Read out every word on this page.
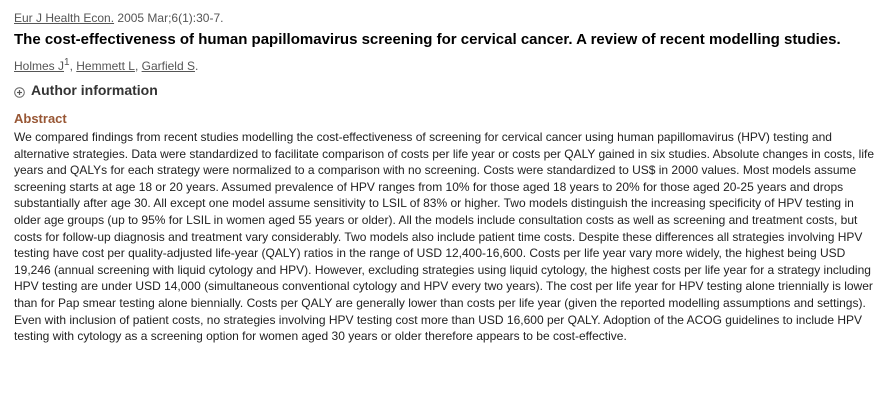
Eur J Health Econ. 2005 Mar;6(1):30-7.
The cost-effectiveness of human papillomavirus screening for cervical cancer. A review of recent modelling studies.
Holmes $J^1$, Hemmett L, Garfield S.
Author information
Abstract

We compared findings from recent studies modelling the cost-effectiveness of screening for cervical cancer using human papillomavirus (HPV) testing and alternative strategies. Data were standardized to facilitate comparison of costs per life year or costs per QALY gained in six studies. Absolute changes in costs, life years and QALYs for each strategy were normalized to a comparison with no screening. Costs were standardized to US$ in 2000 values. Most models assume screening starts at age 18 or 20 years. Assumed prevalence of HPV ranges from 10% for those aged 18 years to 20% for those aged 20-25 years and drops substantially after age 30. All except one model assume sensitivity to LSIL of 83% or higher. Two models distinguish the increasing specificity of HPV testing in older age groups (up to 95% for LSIL in women aged 55 years or older). All the models include consultation costs as well as screening and treatment costs, but costs for follow-up diagnosis and treatment vary considerably. Two models also include patient time costs. Despite these differences all strategies involving HPV testing have cost per quality-adjusted life-year (QALY) ratios in the range of USD 12,400-16,600. Costs per life year vary more widely, the highest being USD 19,246 (annual screening with liquid cytology and HPV). However, excluding strategies using liquid cytology, the highest costs per life year for a strategy including HPV testing are under USD 14,000 (simultaneous conventional cytology and HPV every two years). The cost per life year for HPV testing alone triennially is lower than for Pap smear testing alone biennially. Costs per QALY are generally lower than costs per life year (given the reported modelling assumptions and settings). Even with inclusion of patient costs, no strategies involving HPV testing cost more than USD 16,600 per QALY. Adoption of the ACOG guidelines to include HPV testing with cytology as a screening option for women aged 30 years or older therefore appears to be cost-effective.
